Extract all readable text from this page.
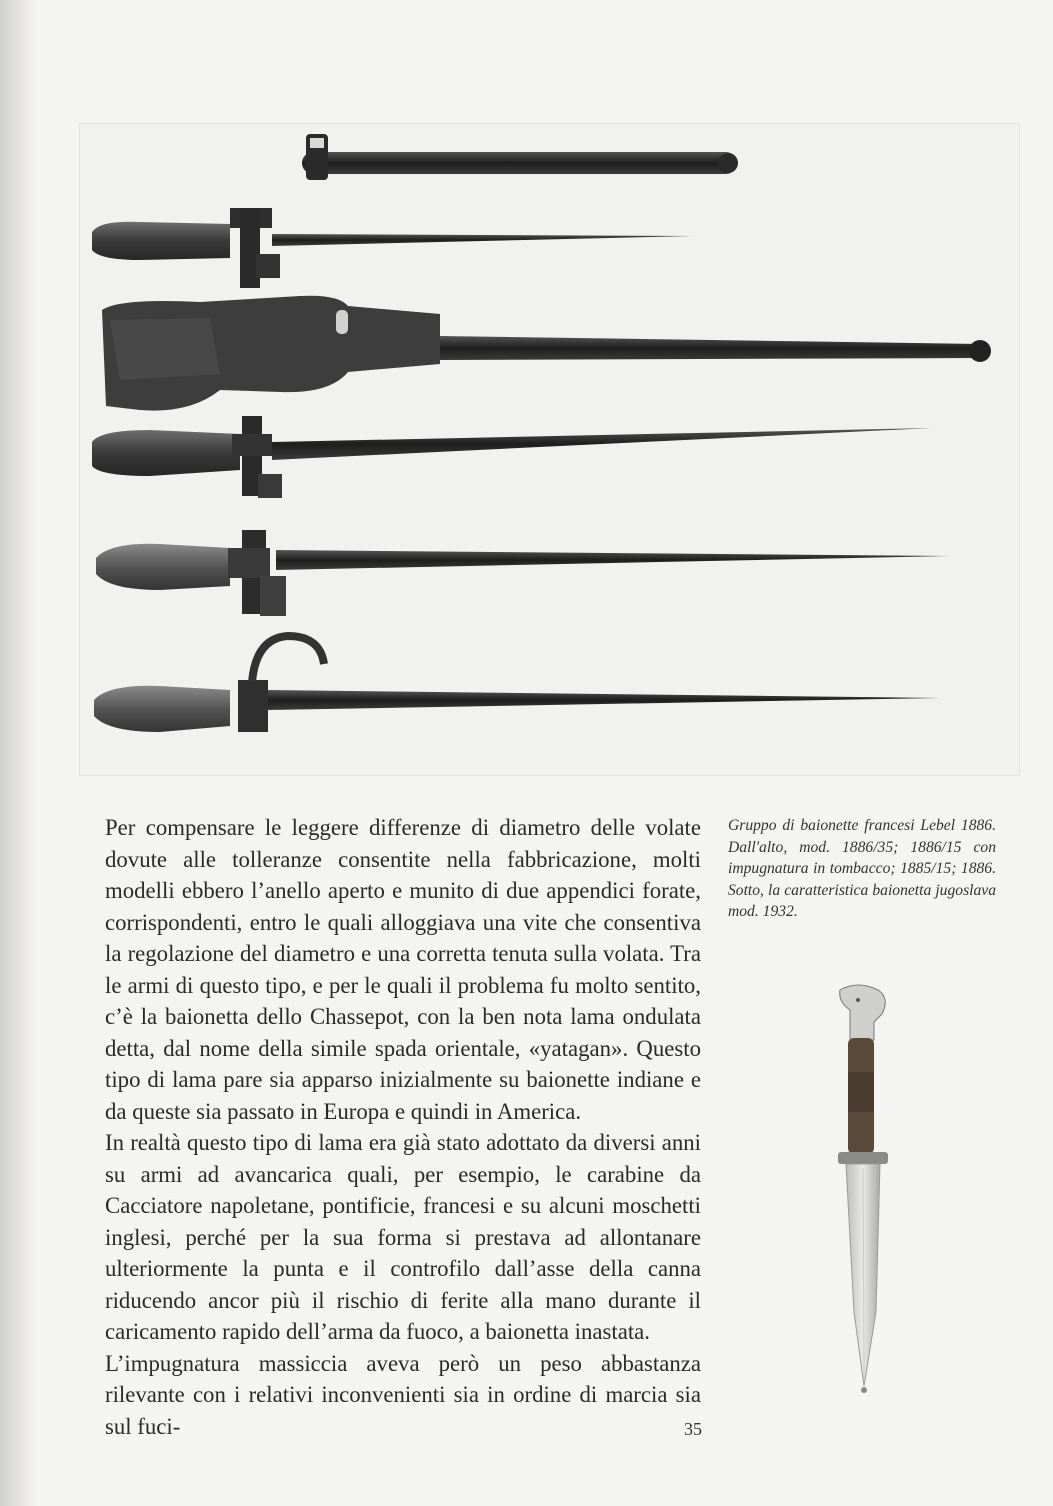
Per compensare le leggere differenze di diametro delle volate dovute alle tolleranze consentite nella fabbricazione, molti modelli ebbero l’anello aperto e munito di due appendici forate, corrispondenti, entro le quali alloggiava una vite che consentiva la regolazione del diametro e una corretta tenuta sulla volata. Tra le armi di questo tipo, e per le quali il problema fu molto sentito, c’è la baionetta dello Chassepot, con la ben nota lama ondulata detta, dal nome della simile spada orientale, «yatagan». Questo tipo di lama pare sia apparso inizialmente su baionette indiane e da queste sia passato in Europa e quindi in America.

In realtà questo tipo di lama era già stato adottato da diversi anni su armi ad avancarica quali, per esempio, le carabine da Cacciatore napoletane, pontificie, francesi e su alcuni moschetti inglesi, perché per la sua forma si prestava ad allontanare ulteriormente la punta e il controfilo dall’asse della canna riducendo ancor più il rischio di ferite alla mano durante il caricamento rapido dell’arma da fuoco, a baionetta inastata.

L’impugnatura massiccia aveva però un peso abbastanza rilevante con i relativi inconvenienti sia in ordine di marcia sia sul fuci-

Gruppo di baionette francesi Lebel 1886. Dall'alto, mod. 1886/35; 1886/15 con impugnatura in tombacco; 1885/15; 1886. Sotto, la caratteristica baionetta jugoslava mod. 1932.
35
